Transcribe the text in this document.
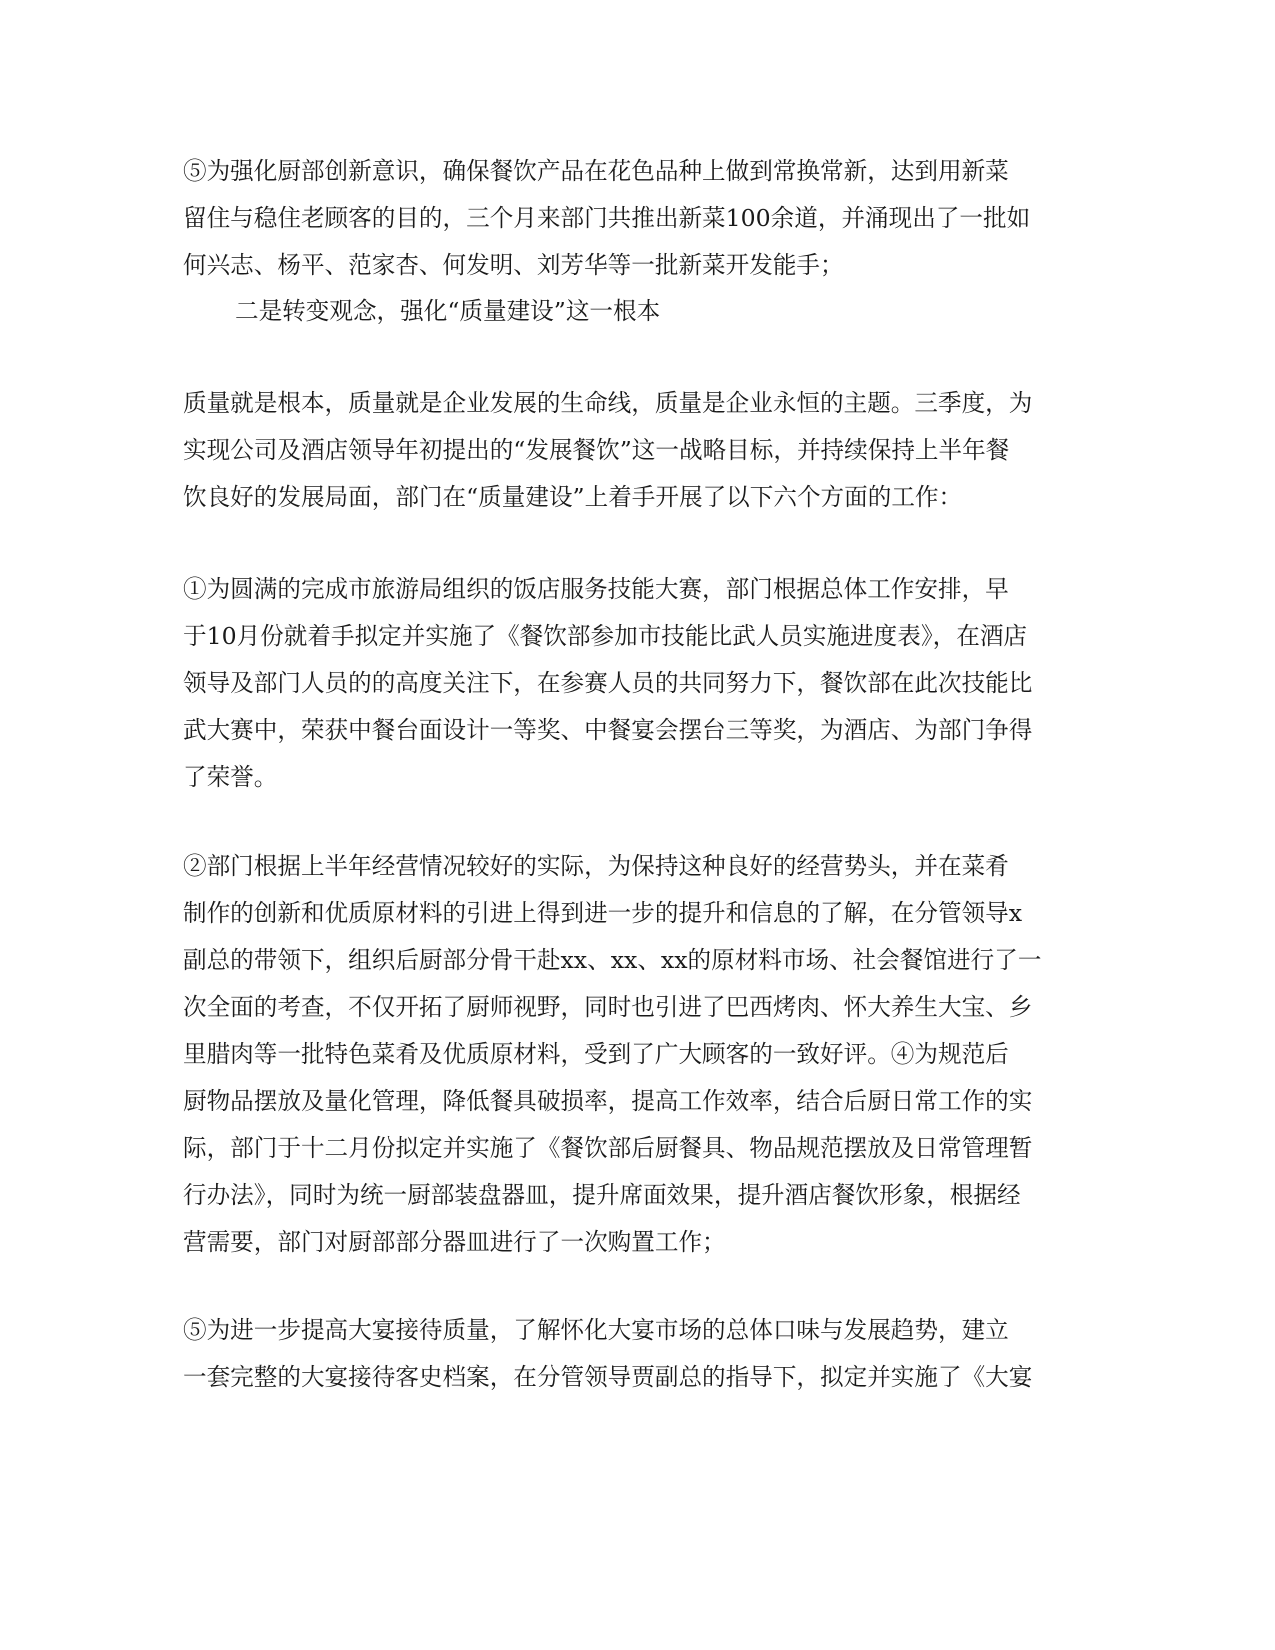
⑤为强化厨部创新意识，确保餐饮产品在花色品种上做到常换常新，达到用新菜
留住与稳住老顾客的目的，三个月来部门共推出新菜100余道，并涌现出了一批如
何兴志、杨平、范家杏、何发明、刘芳华等一批新菜开发能手；
二是转变观念，强化“质量建设”这一根本
质量就是根本，质量就是企业发展的生命线，质量是企业永恒的主题。三季度，为
实现公司及酒店领导年初提出的“发展餐饮”这一战略目标，并持续保持上半年餐
饮良好的发展局面，部门在“质量建设”上着手开展了以下六个方面的工作：
①为圆满的完成市旅游局组织的饭店服务技能大赛，部门根据总体工作安排，早
于10月份就着手拟定并实施了《餐饮部参加市技能比武人员实施进度表》，在酒店
领导及部门人员的的高度关注下，在参赛人员的共同努力下，餐饮部在此次技能比
武大赛中，荣获中餐台面设计一等奖、中餐宴会摆台三等奖，为酒店、为部门争得
了荣誉。
②部门根据上半年经营情况较好的实际，为保持这种良好的经营势头，并在菜肴
制作的创新和优质原材料的引进上得到进一步的提升和信息的了解，在分管领导x
副总的带领下，组织后厨部分骨干赴xx、xx、xx的原材料市场、社会餐馆进行了一
次全面的考查，不仅开拓了厨师视野，同时也引进了巴西烤肉、怀大养生大宝、乡
里腊肉等一批特色菜肴及优质原材料，受到了广大顾客的一致好评。④为规范后
厨物品摆放及量化管理，降低餐具破损率，提高工作效率，结合后厨日常工作的实
际，部门于十二月份拟定并实施了《餐饮部后厨餐具、物品规范摆放及日常管理暂
行办法》，同时为统一厨部装盘器皿，提升席面效果，提升酒店餐饮形象，根据经
营需要，部门对厨部部分器皿进行了一次购置工作；
⑤为进一步提高大宴接待质量，了解怀化大宴市场的总体口味与发展趋势，建立
一套完整的大宴接待客史档案，在分管领导贾副总的指导下，拟定并实施了《大宴
